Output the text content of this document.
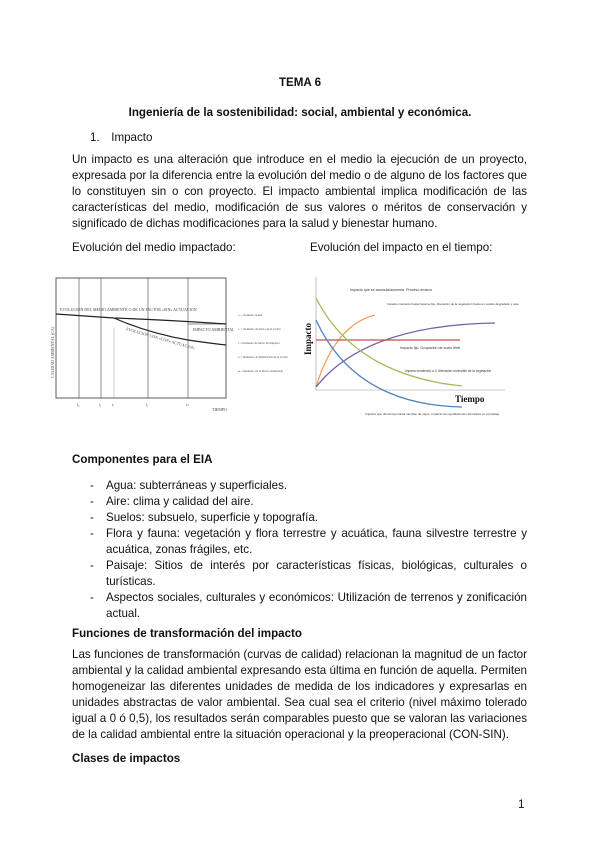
TEMA 6
Ingeniería de la sostenibilidad: social, ambiental y económica.
1. Impacto
Un impacto es una alteración que introduce en el medio la ejecución de un proyecto, expresada por la diferencia entre la evolución del medio o de alguno de los factores que lo constituyen sin o con proyecto. El impacto ambiental implica modificación de las características del medio, modificación de sus valores o méritos de conservación y significado de dichas modificaciones para la salud y bienestar humano.
Evolución del medio impactado:	Evolución del impacto en el tiempo:
EVOLUCION DEL MEDIO AMBIENTE O DE UN FACTOR «SIN» ACTUACION
EVOLUCION CON «CON» ACTUACION
IMPACTO AMBIENTAL
CALIDAD AMBIENTAL (CA)
TIEMPO
t₀	t₁	tᵢ	tₜ	tₙ
t₀ = momento actual
t₁ = momento de inicio de la acción
tᵢ = momento de inicio del impacto
tₜ = momento de finalización de la acción
tₙ = momento en el nivel considerado
Impacto
Tiempo
Impacto que se acumula/aumenta. Proceso erosivo
Impacto creciente hasta hacerse fijo. Alteración de la vegetación hasta un estado degradado y este
Impacto fijo. Ocupación de suelo fértil
Impacto tendiendo a 0. Alteración reversible de la vegetación
Impacto que disminuye hasta cambiar de signo. Impacto de repoblaciones forestales en el paisaje
Componentes para el EIA
- Agua: subterráneas y superficiales.
- Aire: clima y calidad del aire.
- Suelos: subsuelo, superficie y topografía.
- Flora y fauna: vegetación y flora terrestre y acuática, fauna silvestre terrestre y acuática, zonas frágiles, etc.
- Paisaje: Sitios de interés por características físicas, biológicas, culturales o turísticas.
- Aspectos sociales, culturales y económicos: Utilización de terrenos y zonificación actual.
Funciones de transformación del impacto
Las funciones de transformación (curvas de calidad) relacionan la magnitud de un factor ambiental y la calidad ambiental expresando esta última en función de aquella. Permiten homogeneizar las diferentes unidades de medida de los indicadores y expresarlas en unidades abstractas de valor ambiental. Sea cual sea el criterio (nivel máximo tolerado igual a 0 ó 0,5), los resultados serán comparables puesto que se valoran las variaciones de la calidad ambiental entre la situación operacional y la preoperacional (CON-SIN).
Clases de impactos
1
